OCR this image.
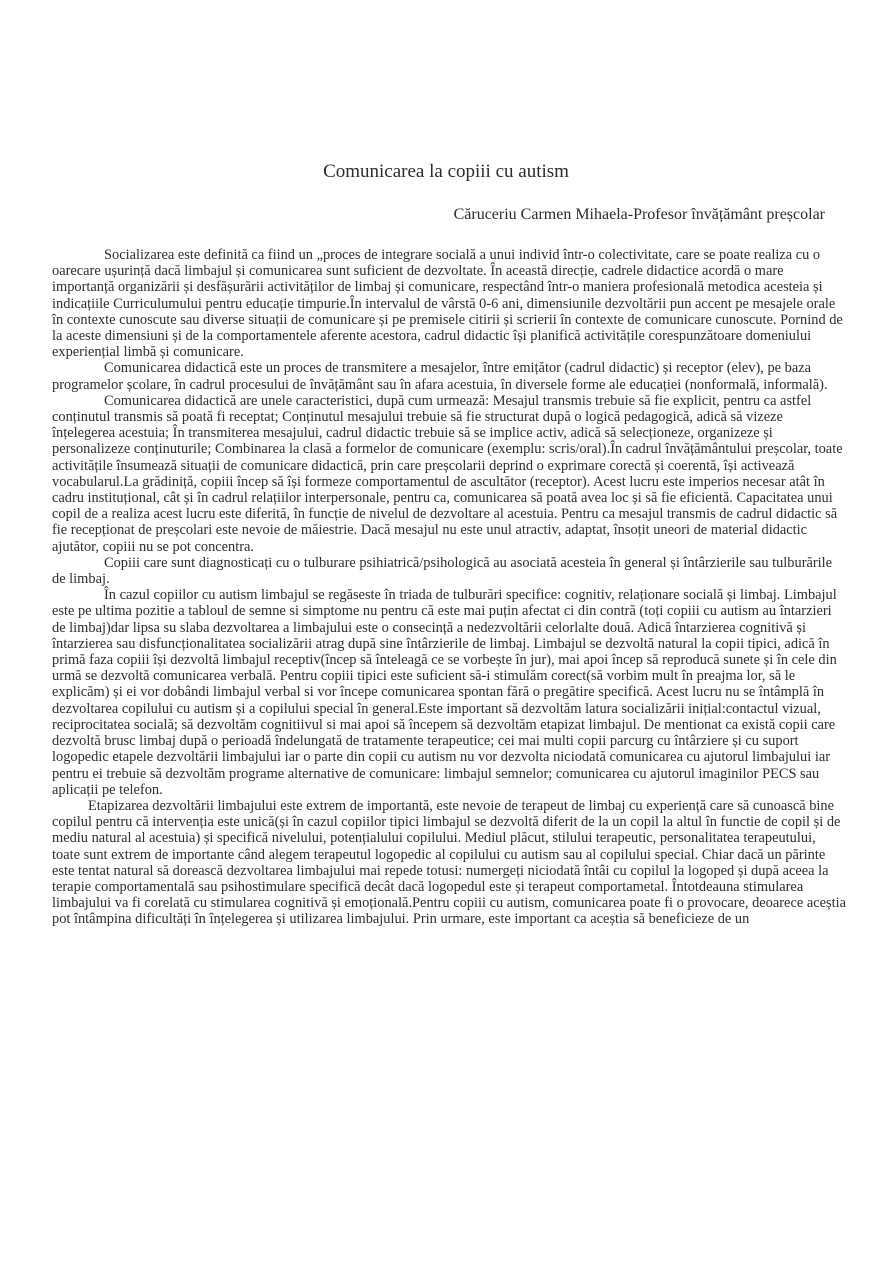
Comunicarea la copiii cu autism
Căruceriu Carmen Mihaela-Profesor învățământ preșcolar

Socializarea este definită ca fiind un „proces de integrare socială a unui individ într-o colectivitate, care se poate realiza cu o oarecare ușurință dacă limbajul și comunicarea sunt suficient de dezvoltate. În această direcție, cadrele didactice acordă o mare importanță organizării și desfășurării activităților de limbaj și comunicare, respectând într-o maniera profesională metodica acesteia și indicațiile Curriculumului pentru educație timpurie.În intervalul de vârstă 0-6 ani, dimensiunile dezvoltării pun accent pe mesajele orale în contexte cunoscute sau diverse situații de comunicare și pe premisele citirii și scrierii în contexte de comunicare cunoscute. Pornind de la aceste dimensiuni și de la comportamentele aferente acestora, cadrul didactic își planifică activitățile corespunzătoare domeniului experiențial limbă și comunicare.

Comunicarea didactică este un proces de transmitere a mesajelor, între emițător (cadrul didactic) și receptor (elev), pe baza programelor școlare, în cadrul procesului de învățământ sau în afara acestuia, în diversele forme ale educației (nonformală, informală).

Comunicarea didactică are unele caracteristici, după cum urmează: Mesajul transmis trebuie să fie explicit, pentru ca astfel conținutul transmis să poată fi receptat; Conținutul mesajului trebuie să fie structurat după o logică pedagogică, adică să vizeze înțelegerea acestuia; În transmiterea mesajului, cadrul didactic trebuie să se implice activ, adică să selecționeze, organizeze și personalizeze conținuturile; Combinarea la clasă a formelor de comunicare (exemplu: scris/oral).În cadrul învățământului preșcolar, toate activitățile însumează situații de comunicare didactică, prin care preșcolarii deprind o exprimare corectă și coerentă, își activează vocabularul.La grădiniță, copiii încep să își formeze comportamentul de ascultător (receptor). Acest lucru este imperios necesar atât în cadru instituțional, cât și în cadrul relațiilor interpersonale, pentru ca, comunicarea să poată avea loc și să fie eficientă. Capacitatea unui copil de a realiza acest lucru este diferită, în funcție de nivelul de dezvoltare al acestuia. Pentru ca mesajul transmis de cadrul didactic să fie recepționat de preșcolari este nevoie de măiestrie. Dacă mesajul nu este unul atractiv, adaptat, însoțit uneori de material didactic ajutător, copiii nu se pot concentra.

Copiii care sunt diagnosticați cu o tulburare psihiatrică/psihologică au asociată acesteia în general și întârzierile sau tulburările de limbaj.

În cazul copiilor cu autism limbajul se regăseste în triada de tulburări specifice: cognitiv, relaționare socială și limbaj. Limbajul este pe ultima pozitie a tabloul de semne si simptome nu pentru că este mai puțin afectat ci din contră (toți copiii cu autism au întarzieri de limbaj)dar lipsa su slaba dezvoltarea a limbajului este o consecință a nedezvoltării celorlalte două. Adică întarzierea cognitivă și întarzierea sau disfuncționalitatea socializării atrag după sine întârzierile de limbaj. Limbajul se dezvoltă natural la copii tipici, adică în primă faza copiii își dezvoltă limbajul receptiv(încep să înteleagă ce se vorbește în jur), mai apoi încep să reproducă sunete și în cele din urmă se dezvoltă comunicarea verbală. Pentru copiii tipici este suficient să-i stimulăm corect(să vorbim mult în preajma lor, să le explicăm) și ei vor dobândi limbajul verbal si vor începe comunicarea spontan fără o pregătire specifică. Acest lucru nu se întâmplă în dezvoltarea copilului cu autism și a copilului special în general.Este important să dezvoltăm latura socializării inițial:contactul vizual, reciprocitatea socială; să dezvoltăm cognitiivul si mai apoi să începem să dezvoltăm etapizat limbajul. De mentionat ca există copii care dezvoltă brusc limbaj după o perioadă îndelungată de tratamente terapeutice; cei mai multi copii parcurg cu întârziere și cu suport logopedic etapele dezvoltării limbajului iar o parte din copii cu autism nu vor dezvolta niciodată comunicarea cu ajutorul limbajului iar pentru ei trebuie să dezvoltăm programe alternative de comunicare: limbajul semnelor; comunicarea cu ajutorul imaginilor PECS sau aplicații pe telefon.

Etapizarea dezvoltării limbajului este extrem de importantă, este nevoie de terapeut de limbaj cu experiență care să cunoască bine copilul pentru că intervenția este unică(și în cazul copiilor tipici limbajul se dezvoltă diferit de la un copil la altul în functie de copil și de mediu natural al acestuia) și specifică nivelului, potențialului copilului. Mediul plăcut, stilului terapeutic, personalitatea terapeutului, toate sunt extrem de importante când alegem terapeutul logopedic al copilului cu autism sau al copilului special. Chiar dacă un părinte este tentat natural să dorească dezvoltarea limbajului mai repede totusi: numergeți niciodată întâi cu copilul la logoped și după aceea la terapie comportamentală sau psihostimulare specifică decât dacă logopedul este și terapeut comportametal. Întotdeauna stimularea limbajului va fi corelată cu stimularea cognitivă și emoțională.Pentru copiii cu autism, comunicarea poate fi o provocare, deoarece aceștia pot întâmpina dificultăți în înțelegerea și utilizarea limbajului. Prin urmare, este important ca aceștia să beneficieze de un
